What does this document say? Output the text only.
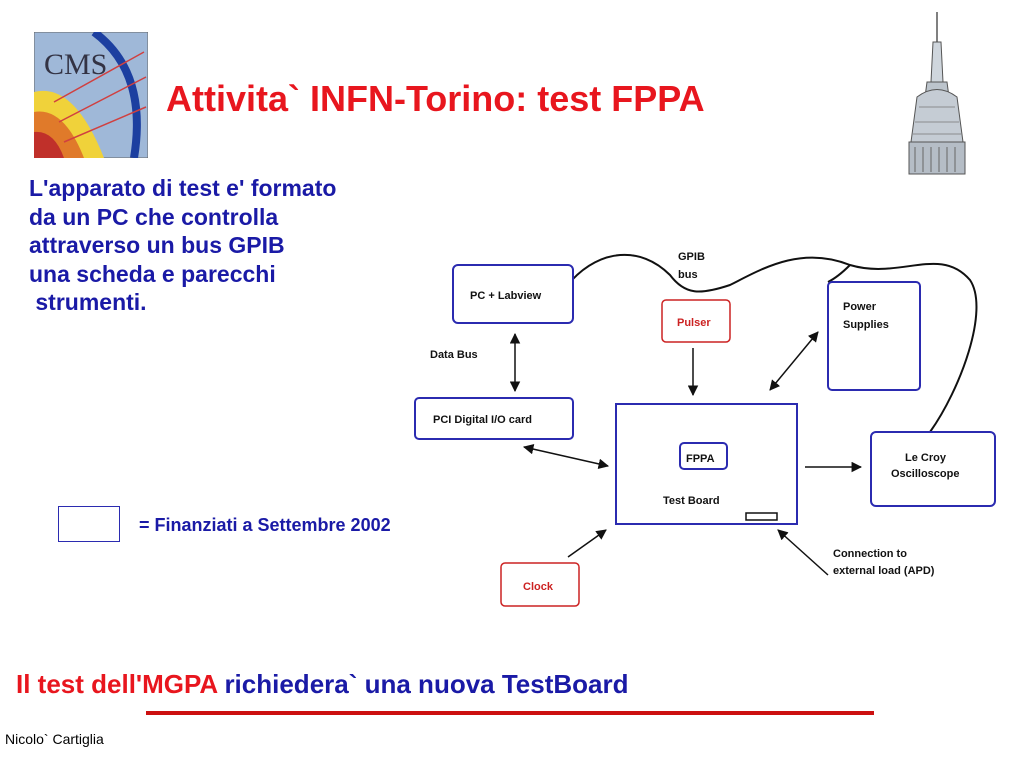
CMS
Attivita` INFN-Torino: test FPPA
L'apparato di test e' formato
da un PC che controlla
attraverso un bus GPIB
una scheda e parecchi
strumenti.
= Finanziati a Settembre 2002
PC + Labview
Pulser
Power
Supplies
PCI Digital I/O card
FPPA
Test Board
Le Croy
Oscilloscope
Clock
GPIB
bus
Data Bus
Connection to
external load (APD)
Il test dell'MGPA richiedera` una nuova TestBoard
Nicolo` Cartiglia
